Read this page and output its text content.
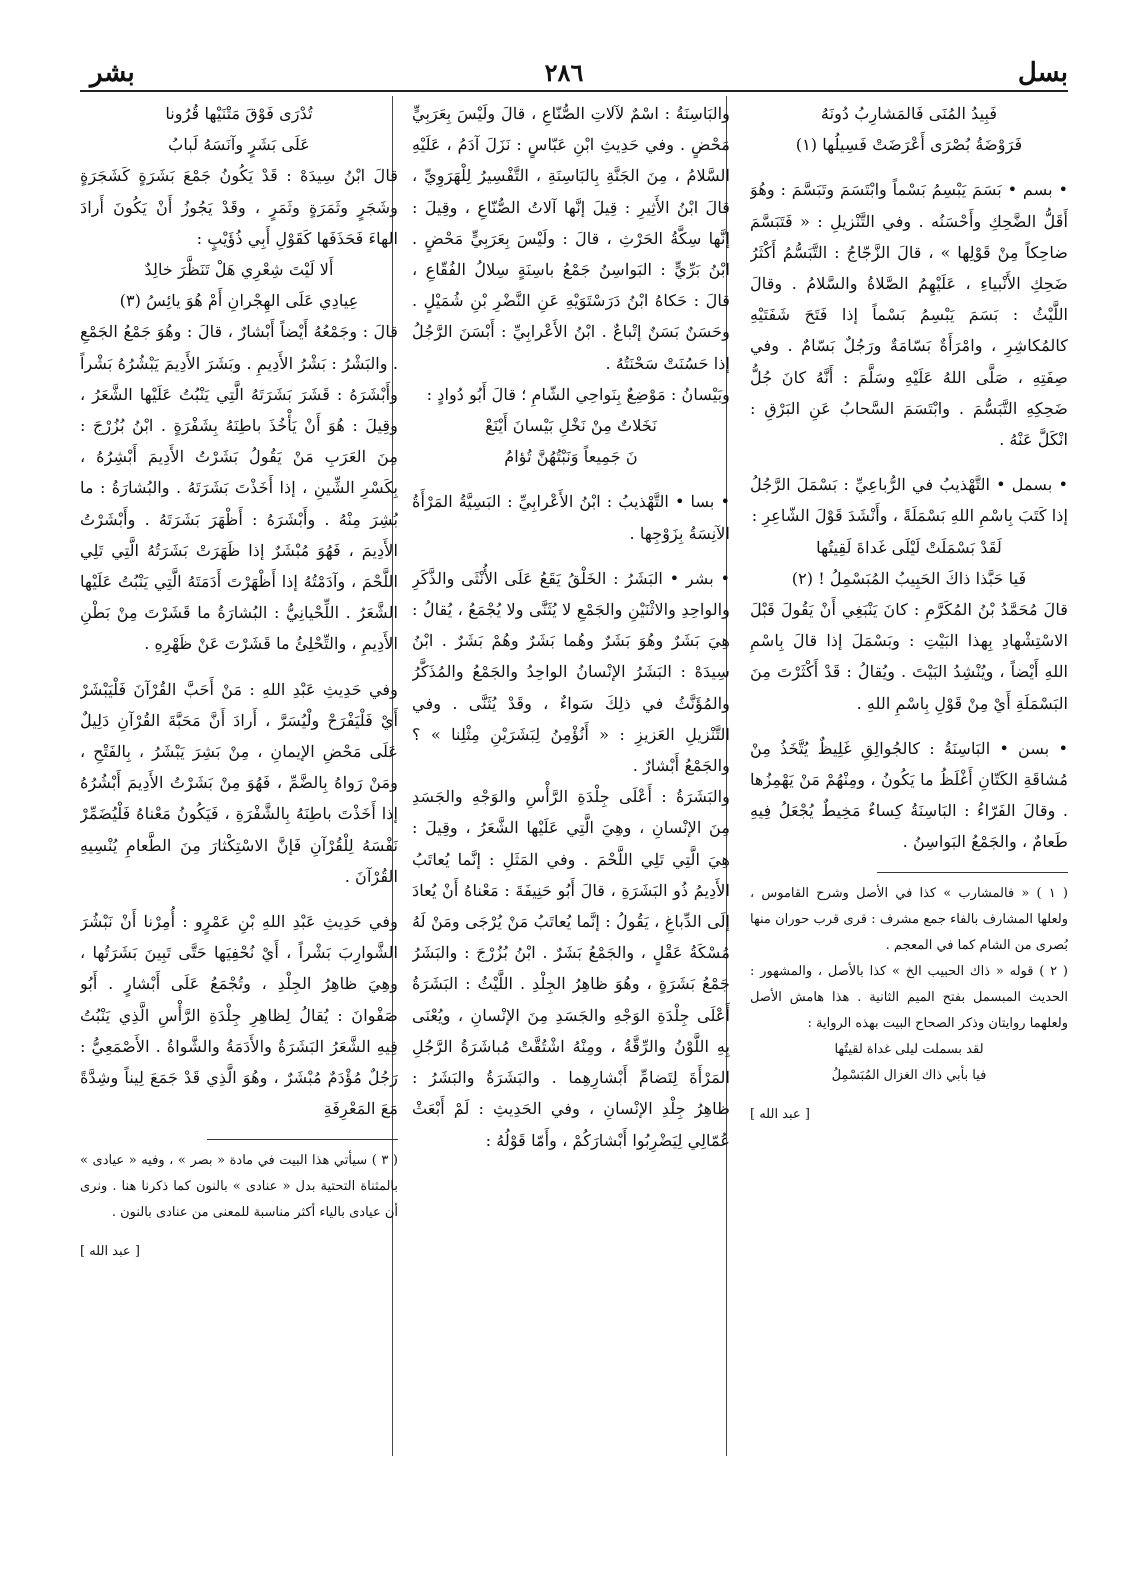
بسل
٢٨٦
بشر

فَبِيدُ المُنَى فَالمَشارِبُ دُونَهُ

فَرَوْضَةُ بُصْرَى أَعْرَضَتْ فَسِيلُها (١)

• بسم • بَسَمَ يَبْسِمُ بَسْماً وابْتَسَمَ وتَبَسَّمَ : وهُوَ أَقَلُّ الضَّحِكِ وأَحْسَنُه . وفي التَّنْزيلِ : « فَتَبَسَّمَ ضاحِكاً مِنْ قَوْلِها » ، قالَ الزَّجّاجُ : التَّبَسُّمُ أَكْثَرُ ضَحِكِ الأَنْبياءِ ، عَلَيْهِمُ الصَّلاةُ والسَّلامُ . وقالَ اللَّيْثُ : بَسَمَ يَبْسِمُ بَسْماً إذا فَتَحَ شَفَتَيْهِ كالمُكاشِرِ ، وامْرَأَةٌ بَسّامَةٌ ورَجُلٌ بَسّامٌ . وفي صِفَتِهِ ، صَلَّى اللهُ عَلَيْهِ وسَلَّمَ : أَنَّهُ كانَ جُلُّ ضَحِكِهِ التَّبَسُّمَ . وابْتَسَمَ السَّحابُ عَنِ البَرْقِ : انْكَلَّ عَنْهُ .

• بسمل • التَّهْذيبُ في الرُّباعِيِّ : بَسْمَلَ الرَّجُلُ إذا كَتَبَ بِاسْمِ اللهِ بَسْمَلَةً ، وأَنْشَدَ قَوْلَ الشّاعِرِ :

لَقَدْ بَسْمَلَتْ لَيْلَى غَداةَ لَقِيتُها

فَيا حَبَّذا ذاكَ الحَبِيبُ المُبَسْمِلُ ! (٢)

قالَ مُحَمَّدُ بْنُ المُكَرَّمِ : كانَ يَنْبَغِي أَنْ يَقُولَ قَبْلَ الاسْتِشْهادِ بِهذا البَيْتِ : وبَسْمَلَ إذا قالَ بِاسْمِ اللهِ أَيْضاً ، ويُنْشِدُ البَيْتَ . ويُقالُ : قَدْ أَكْثَرْتَ مِنَ البَسْمَلَةِ أَيْ مِنْ قَوْلِ بِاسْمِ اللهِ .

• بسن • البَاسِنَةُ : كالجُوالِقِ غَلِيظٌ يُتَّخَذُ مِنْ مُشاقَةِ الكَتّانِ أَغْلَظُ ما يَكُونُ ، ومِنْهُمْ مَنْ يَهْمِزُها . وقالَ الفَرّاءُ : البَاسِنَةُ كِساءٌ مَخِيطٌ يُجْعَلُ فِيهِ طَعامٌ ، والجَمْعُ البَواسِنُ .

( ١ ) « فالمشارب » كذا في الأصل وشرح القاموس ، ولعلها المشارف بالفاء جمع مشرف : قرى قرب حوران منها بُصرى من الشام كما في المعجم .

( ٢ ) قوله « ذاك الحبيب الخ » كذا بالأصل ، والمشهور : الحديث المبسمل بفتح الميم الثانية . هذا هامش الأصل ولعلهما روايتان وذكر الصحاح البيت بهذه الرواية :

لقد بسملت ليلى غداة لقيتُها

فيا بأبي ذاك الغزال المُبَسْمِلُ

[ عبد الله ]

والبَاسِنَةُ : اسْمٌ لآلاتِ الصُّنّاعِ ، قالَ ولَيْسَ بِعَرَبِيٍّ مَحْضٍ . وفي حَدِيثِ ابْنِ عَبّاسٍ : نَزَلَ آدَمُ ، عَلَيْهِ السَّلامُ ، مِنَ الجَنَّةِ بِالبَاسِنَةِ ، التَّفْسِيرُ لِلْهَرَوِيِّ ، قالَ ابْنُ الأَثِيرِ : قِيلَ إنَّها آلاتُ الصُّنّاعِ ، وقِيلَ : إنَّها سِكَّةُ الحَرْثِ ، قالَ : ولَيْسَ بِعَرَبِيٍّ مَحْضٍ . ابْنُ بَرِّيٍّ : البَواسِنُ جَمْعُ باسِنَةٍ سِلالُ الفُقّاعِ ، قالَ : حَكاهُ ابْنُ دَرَسْتَوَيْهِ عَنِ النَّضْرِ بْنِ شُمَيْلٍ . وحَسَنٌ بَسَنٌ إتْباعٌ . ابْنُ الأَعْرابِيِّ : أَبْسَنَ الرَّجُلُ إذا حَسُنَتْ سَحْنَتُهُ .

وبَيْسانُ : مَوْضِعٌ بِنَواحِي الشّامِ ؛ قالَ أَبُو دُوادٍ :

نَخَلاتٌ مِنْ نَخْلِ بَيْسانَ أَيْنَعْ

نَ جَمِيعاً وَنَبْتُهُنَّ تُؤامُ

• بسا • التَّهْذيبُ : ابْنُ الأَعْرابِيِّ : البَسِيَّةُ المَرْأَةُ الآنِسَةُ بِزَوْجِها .

• بشر • البَشَرُ : الخَلْقُ يَقَعُ عَلَى الأُنْثَى والذَّكَرِ والواحِدِ والاثْنَيْنِ والجَمْعِ لا يُثَنَّى ولا يُجْمَعُ ، يُقالُ : هِيَ بَشَرٌ وهُوَ بَشَرٌ وهُما بَشَرٌ وهُمْ بَشَرٌ . ابْنُ سِيدَهْ : البَشَرُ الإنْسانُ الواحِدُ والجَمْعُ والمُذَكَّرُ والمُؤَنَّثُ في ذلِكَ سَواءٌ ، وقَدْ يُثَنَّى . وفي التَّنْزيلِ العَزيزِ : « أَنُؤْمِنُ لِبَشَرَيْنِ مِثْلِنا » ؟ والجَمْعُ أَبْشارٌ .

والبَشَرَةُ : أَعْلَى جِلْدَةِ الرَّأْسِ والوَجْهِ والجَسَدِ مِنَ الإنْسانِ ، وهِيَ الَّتِي عَلَيْها الشَّعَرُ ، وقِيلَ : هِيَ الَّتِي تَلِي اللَّحْمَ . وفي المَثَلِ : إنَّما يُعاتَبُ الأَدِيمُ ذُو البَشَرَةِ ، قالَ أَبُو حَنِيفَةَ : مَعْناهُ أَنْ يُعادَ إلَى الدِّباغِ ، يَقُولُ : إنَّما يُعاتَبُ مَنْ يُرْجَى ومَنْ لَهُ مُسْكَةُ عَقْلٍ ، والجَمْعُ بَشَرٌ . ابْنُ بُزُرْجَ : والبَشَرُ جَمْعُ بَشَرَةٍ ، وهُوَ ظاهِرُ الجِلْدِ . اللَّيْثُ : البَشَرَةُ أَعْلَى جِلْدَةِ الوَجْهِ والجَسَدِ مِنَ الإنْسانِ ، ويُعْنَى بِهِ اللَّوْنُ والرِّقَّةُ ، ومِنْهُ اشْتُقَّتْ مُباشَرَةُ الرَّجُلِ المَرْأَةَ لِتَضامِّ أَبْشارِهِما . والبَشَرَةُ والبَشَرُ : ظاهِرُ جِلْدِ الإنْسانِ ، وفي الحَدِيثِ : لَمْ أَبْعَثْ عُمّالِي لِيَضْرِبُوا أَبْشارَكُمْ ، وأَمّا قَوْلُهُ :

تُدْرَى فَوْقَ مَتْنَيْها قُرُونا

عَلَى بَشَرٍ وآنَسَهُ لَبابُ

قالَ ابْنُ سِيدَهْ : قَدْ يَكُونُ جَمْعَ بَشَرَةٍ كَشَجَرَةٍ وشَجَرٍ وثَمَرَةٍ وثَمَرٍ ، وقَدْ يَجُوزُ أَنْ يَكُونَ أَرادَ الهاءَ فَحَذَفَها كَقَوْلِ أَبِي ذُؤَيْبٍ :

أَلا لَيْتَ شِعْرِي هَلْ تَنَظَّرَ خالِدٌ

عِيادِي عَلَى الهِجْرانِ أَمْ هُوَ يائِسُ (٣)

قالَ : وجَمْعُهُ أَيْضاً أَبْشارٌ ، قالَ : وهُوَ جَمْعُ الجَمْعِ . والبَشْرُ : بَشْرُ الأَدِيمِ . وبَشَرَ الأَدِيمَ يَبْشُرُهُ بَشْراً وأَبْشَرَهُ : قَشَرَ بَشَرَتَهُ الَّتِي يَنْبُتُ عَلَيْها الشَّعَرُ ، وقِيلَ : هُوَ أَنْ يَأْخُذَ باطِنَهُ بِشَفْرَةٍ . ابْنُ بُزُرْجَ : مِنَ العَرَبِ مَنْ يَقُولُ بَشَرْتُ الأَدِيمَ أَبْشِرُهُ ، بِكَسْرِ الشِّينِ ، إذا أَخَذْتَ بَشَرَتَهُ . والبُشارَةُ : ما بُشِرَ مِنْهُ . وأَبْشَرَهُ : أَظْهَرَ بَشَرَتَهُ . وأَبْشَرْتُ الأَدِيمَ ، فَهُوَ مُبْشَرٌ إذا ظَهَرَتْ بَشَرَتُهُ الَّتِي تَلِي اللَّحْمَ ، وآدَمْتُهُ إذا أَظْهَرْتَ أَدَمَتَهُ الَّتِي يَنْبُتُ عَلَيْها الشَّعَرُ . اللِّحْيانِيُّ : البُشارَةُ ما قَشَرْتَ مِنْ بَطْنِ الأَدِيمِ ، والتِّحْلِئُ ما قَشَرْتَ عَنْ ظَهْرِهِ .

وفي حَدِيثِ عَبْدِ اللهِ : مَنْ أَحَبَّ القُرْآنَ فَلْيَبْشَرْ أَيْ فَلْيَفْرَحْ ولْيُسَرَّ ، أَرادَ أَنَّ مَحَبَّةَ القُرْآنِ دَلِيلٌ عَلَى مَحْضِ الإيمانِ ، مِنْ بَشِرَ يَبْشَرُ ، بِالفَتْحِ ، ومَنْ رَواهُ بِالضَّمِّ ، فَهُوَ مِنْ بَشَرْتُ الأَدِيمَ أَبْشُرُهُ إذا أَخَذْتَ باطِنَهُ بِالشَّفْرَةِ ، فَيَكُونُ مَعْناهُ فَلْيُضَمِّرْ نَفْسَهُ لِلْقُرْآنِ فَإنَّ الاسْتِكْثارَ مِنَ الطَّعامِ يُنْسِيهِ القُرْآنَ .

وفي حَدِيثِ عَبْدِ اللهِ بْنِ عَمْرٍو : أُمِرْنا أَنْ نَبْشُرَ الشَّوارِبَ بَشْراً ، أَيْ نُحْفِيَها حَتَّى تَبِينَ بَشَرَتُها ، وهِيَ ظاهِرُ الجِلْدِ ، وتُجْمَعُ عَلَى أَبْشارٍ . أَبُو صَفْوانَ : يُقالُ لِظاهِرِ جِلْدَةِ الرَّأْسِ الَّذِي يَنْبُتُ فِيهِ الشَّعَرُ البَشَرَةُ والأَدَمَةُ والشَّواةُ . الأَصْمَعِيُّ : رَجُلٌ مُؤْدَمٌ مُبْشَرٌ ، وهُوَ الَّذِي قَدْ جَمَعَ لِيناً وشِدَّةً مَعَ المَعْرِفَةِ

( ٣ ) سيأتي هذا البيت في مادة « بصر » ، وفيه « عيادى » بالمثناة التحتية بدل « عنادى » بالنون كما ذكرنا هنا . ونرى أن عيادى بالياء أكثر مناسبة للمعنى من عنادى بالنون .

[ عبد الله ]
